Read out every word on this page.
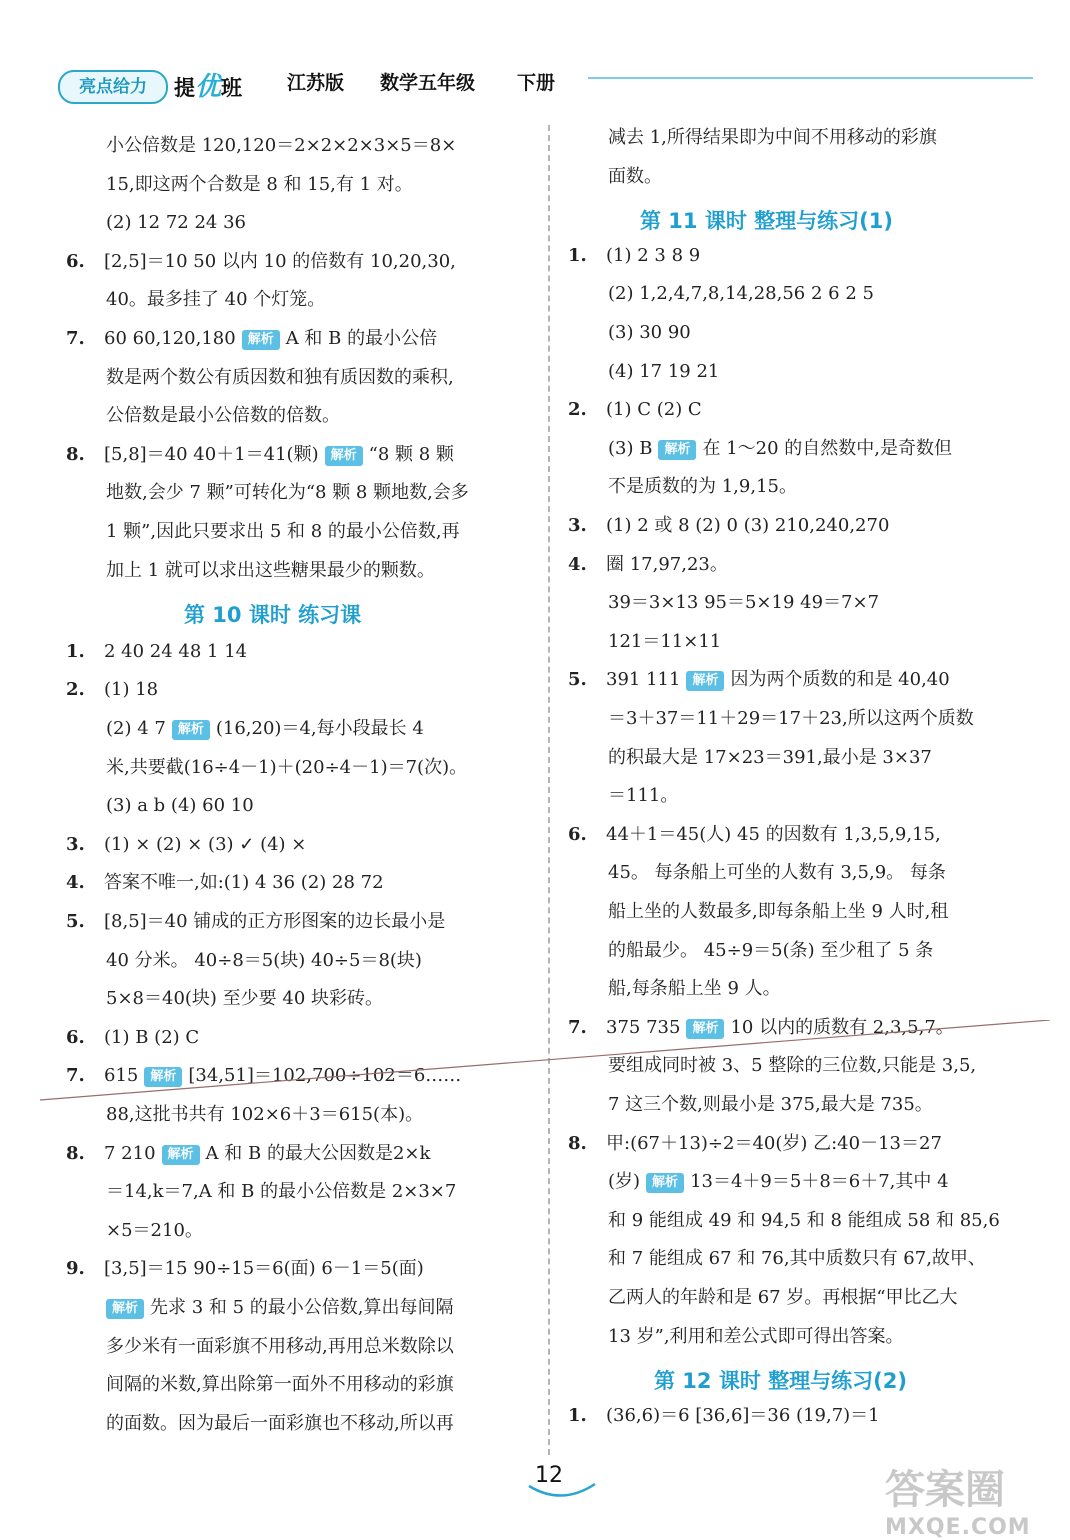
亮点给力	提优班 江苏版 数学五年级 下册
小公倍数是 120,120＝2×2×2×3×5＝8×
15,即这两个合数是 8 和 15,有 1 对。
(2) 12 72 24 36
6. [2,5]＝10 50 以内 10 的倍数有 10,20,30,
40。最多挂了 40 个灯笼。
7. 60 60,120,180 解析 A 和 B 的最小公倍
数是两个数公有质因数和独有质因数的乘积,
公倍数是最小公倍数的倍数。
8. [5,8]＝40 40＋1＝41(颗) 解析 “8 颗 8 颗
地数,会少 7 颗”可转化为“8 颗 8 颗地数,会多
1 颗”,因此只要求出 5 和 8 的最小公倍数,再
加上 1 就可以求出这些糖果最少的颗数。
第 10 课时 练习课
1. 2 40 24 48 1 14
2. (1) 18
(2) 4 7 解析 (16,20)＝4,每小段最长 4
米,共要截(16÷4－1)＋(20÷4－1)＝7(次)。
(3) a b (4) 60 10
3. (1) × (2) × (3) ✓ (4) ×
4. 答案不唯一,如:(1) 4 36 (2) 28 72
5. [8,5]＝40 铺成的正方形图案的边长最小是
40 分米。 40÷8＝5(块) 40÷5＝8(块)
5×8＝40(块) 至少要 40 块彩砖。
6. (1) B (2) C
7. 615 解析 [34,51]＝102,700÷102＝6……
88,这批书共有 102×6＋3＝615(本)。
8. 7 210 解析 A 和 B 的最大公因数是2×k
＝14,k＝7,A 和 B 的最小公倍数是 2×3×7
×5＝210。
9. [3,5]＝15 90÷15＝6(面) 6－1＝5(面)
解析 先求 3 和 5 的最小公倍数,算出每间隔
多少米有一面彩旗不用移动,再用总米数除以
间隔的米数,算出除第一面外不用移动的彩旗
的面数。因为最后一面彩旗也不移动,所以再
减去 1,所得结果即为中间不用移动的彩旗
面数。
第 11 课时 整理与练习(1)
1. (1) 2 3 8 9
(2) 1,2,4,7,8,14,28,56 2 6 2 5
(3) 30 90
(4) 17 19 21
2. (1) C (2) C
(3) B 解析 在 1～20 的自然数中,是奇数但
不是质数的为 1,9,15。
3. (1) 2 或 8 (2) 0 (3) 210,240,270
4. 圈 17,97,23。
39＝3×13 95＝5×19 49＝7×7
121＝11×11
5. 391 111 解析 因为两个质数的和是 40,40
＝3＋37＝11＋29＝17＋23,所以这两个质数
的积最大是 17×23＝391,最小是 3×37
＝111。
6. 44＋1＝45(人) 45 的因数有 1,3,5,9,15,
45。 每条船上可坐的人数有 3,5,9。 每条
船上坐的人数最多,即每条船上坐 9 人时,租
的船最少。 45÷9＝5(条) 至少租了 5 条
船,每条船上坐 9 人。
7. 375 735 解析 10 以内的质数有 2,3,5,7。
要组成同时被 3、5 整除的三位数,只能是 3,5,
7 这三个数,则最小是 375,最大是 735。
8. 甲:(67＋13)÷2＝40(岁) 乙:40－13＝27
(岁) 解析 13＝4＋9＝5＋8＝6＋7,其中 4
和 9 能组成 49 和 94,5 和 8 能组成 58 和 85,6
和 7 能组成 67 和 76,其中质数只有 67,故甲、
乙两人的年龄和是 67 岁。再根据“甲比乙大
13 岁”,利用和差公式即可得出答案。
第 12 课时 整理与练习(2)
1. (36,6)＝6 [36,6]＝36 (19,7)＝1
12	答案圈
MXQE.COM
